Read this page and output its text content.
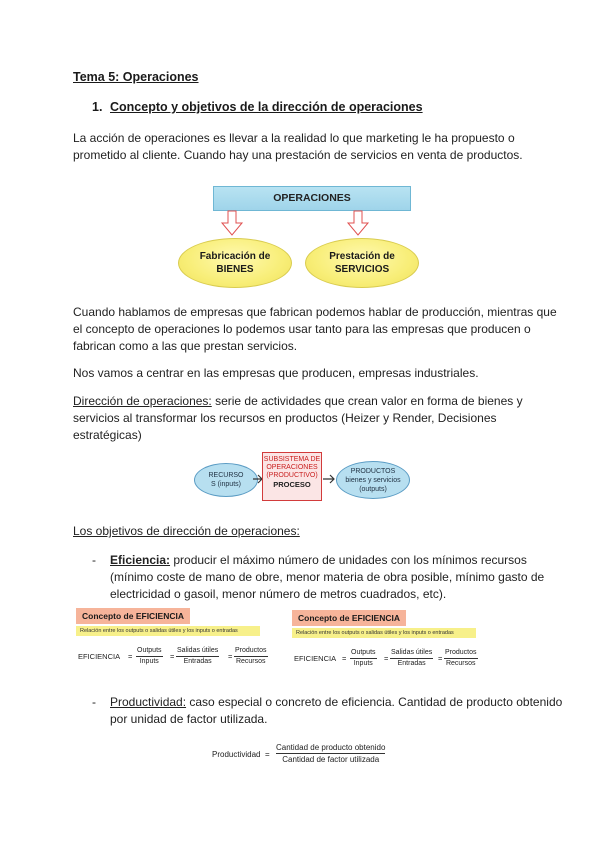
Tema 5: Operaciones
1. Concepto y objetivos de la dirección de operaciones
La acción de operaciones es llevar a la realidad lo que marketing le ha propuesto o
prometido al cliente. Cuando hay una prestación de servicios en venta de productos.
OPERACIONES
Fabricación de
BIENES
Prestación de
SERVICIOS
Cuando hablamos de empresas que fabrican podemos hablar de producción, mientras que
el concepto de operaciones lo podemos usar tanto para las empresas que producen o
fabrican como a las que prestan servicios.
Nos vamos a centrar en las empresas que producen, empresas industriales.
Dirección de operaciones: serie de actividades que crean valor en forma de bienes y
servicios al transformar los recursos en productos (Heizer y Render, Decisiones
estratégicas)
RECURSO
S (inputs)
SUBSISTEMA DE
OPERACIONES
(PRODUCTIVO)
PROCESO
PRODUCTOS
bienes y servicios
(outputs)
Los objetivos de dirección de operaciones:
- Eficiencia: producir el máximo número de unidades con los mínimos recursos
(mínimo coste de mano de obre, menor materia de obra posible, mínimo gasto de
electricidad o gasoil, menor número de metros cuadrados, etc).
Concepto de EFICIENCIA
Relación entre los outputs o salidas útiles y los inputs o entradas
EFICIENCIA =
Outputs
Inputs
=
Salidas útiles
Entradas
=
Productos
Recursos
Concepto de EFICIENCIA
Relación entre los outputs o salidas útiles y los inputs o entradas
EFICIENCIA =
Outputs
Inputs
=
Salidas útiles
Entradas
=
Productos
Recursos
- Productividad: caso especial o concreto de eficiencia. Cantidad de producto obtenido
por unidad de factor utilizada.
Productividad =
Cantidad de producto obtenido
Cantidad de factor utilizada
